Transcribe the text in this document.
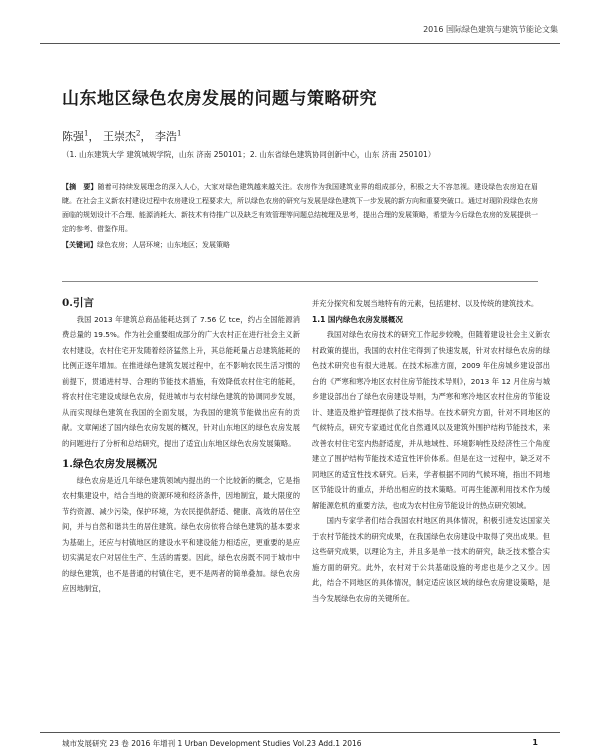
2016 国际绿色建筑与建筑节能论文集
山东地区绿色农房发展的问题与策略研究
陈强$^1$， 王崇杰$^2$， 李浩$^1$
（1. 山东建筑大学 建筑城规学院，山东 济南 250101；2. 山东省绿色建筑协同创新中心，山东 济南 250101）
【摘　要】随着可持续发展理念的深入人心，大家对绿色建筑越来越关注。农房作为我国建筑业界的组成部分，积极之大不容忽视。建设绿色农房迫在眉睫。在社会主义新农村建设过程中农房建设工程要求大，所以绿色农房的研究与发展是绿色建筑下一步发展的新方向和重要突破口。通过对现阶段绿色农房面临的规划设计不合理、能源消耗大、新技术有待推广以及缺乏有效管理等问题总结梳理及思考，提出合理的发展策略，希望为今后绿色农房的发展提供一定的参考、借鉴作用。
【关键词】绿色农房；人居环境；山东地区；发展策略
0.引言

我国 2013 年建筑总商品能耗达到了 7.56 亿 tce，约占全国能源消费总量的 19.5%。作为社会重要组成部分的广大农村正在进行社会主义新农村建设，农村住宅开发随着经济猛然上升，其总能耗量占总建筑能耗的比例正逐年增加。在推进绿色建筑发展过程中，在不影响农民生活习惯的前提下，贯通进村导、合理的节能技术措施，有效降低农村住宅的能耗，将农村住宅建设成绿色农房，促进城市与农村绿色建筑的协调同步发展，从而实现绿色建筑在我国的全面发展，为我国的建筑节能做出应有的贡献。文章阐述了国内绿色农房发展的概况，针对山东地区的绿色农房发展的问题进行了分析和总结研究，提出了适宜山东地区绿色农房发展策略。

1.绿色农房发展概况

绿色农房是近几年绿色建筑领域内提出的一个比较新的概念，它是指农村集建设中，结合当地的资源环境和经济条件，因地制宜，最大限度的节约资源、减少污染，保护环境，为农民提供舒适、健康、高效的居住空间，并与自然和谐共生的居住建筑。绿色农房依将合绿色建筑的基本要求为基础上，还应与村镇地区的建设水平和建设能力相适应，更重要的是应切实满足农户对居住生产、生活的需要。因此，绿色农房既不同于城市中的绿色建筑，也不是普通的村镇住宅，更不是两者的简单叠加。绿色农房应因地制宜，

并充分探究和发展当地特有的元素，包括建材、以及传统的建筑技术。

1.1 国内绿色农房发展概况

我国对绿色农房技术的研究工作起步较晚，但随着建设社会主义新农村政策的提出，我国的农村住宅得到了快速发展，针对农村绿色农房的绿色技术研究也有很大进展。在技术标准方面，2009 年住房城乡建设部出台的《严寒和寒冷地区农村住房节能技术导则》，2013 年 12 月住房与城乡建设部出台了绿色农房建设导则，为严寒和寒冷地区农村住房的节能设计、建造及维护管理提供了技术指导。在技术研究方面，针对不同地区的气候特点，研究专家通过优化自然通风以及建筑外围护结构节能技术，来改善农村住宅室内热舒适度，并从地域性、环境影响性及经济性三个角度建立了围护结构节能技术适宜性评价体系。但是在这一过程中，缺乏对不同地区的适宜性技术研究。后来，学者根据不同的气候环境，指出不同地区节能设计的重点，并给出相应的技术策略。可再生能源利用技术作为缓解能源危机的重要方法，也成为农村住房节能设计的热点研究领域。

国内专家学者们结合我国农村地区的具体情况，积极引进发达国家关于农村节能技术的研究成果，在我国绿色农房建设中取得了突出成果。但这些研究成果，以理论为主，并且多是单一技术的研究，缺乏技术整合实施方面的研究。此外，农村对于公共基础设施的考虑也是少之又少。因此，结合不同地区的具体情况，制定适应该区域的绿色农房建设策略，是当今发展绿色农房的关键所在。

城市发展研究 23 卷 2016 年增刊 1 Urban Development Studies Vol.23 Add.1 2016	1
